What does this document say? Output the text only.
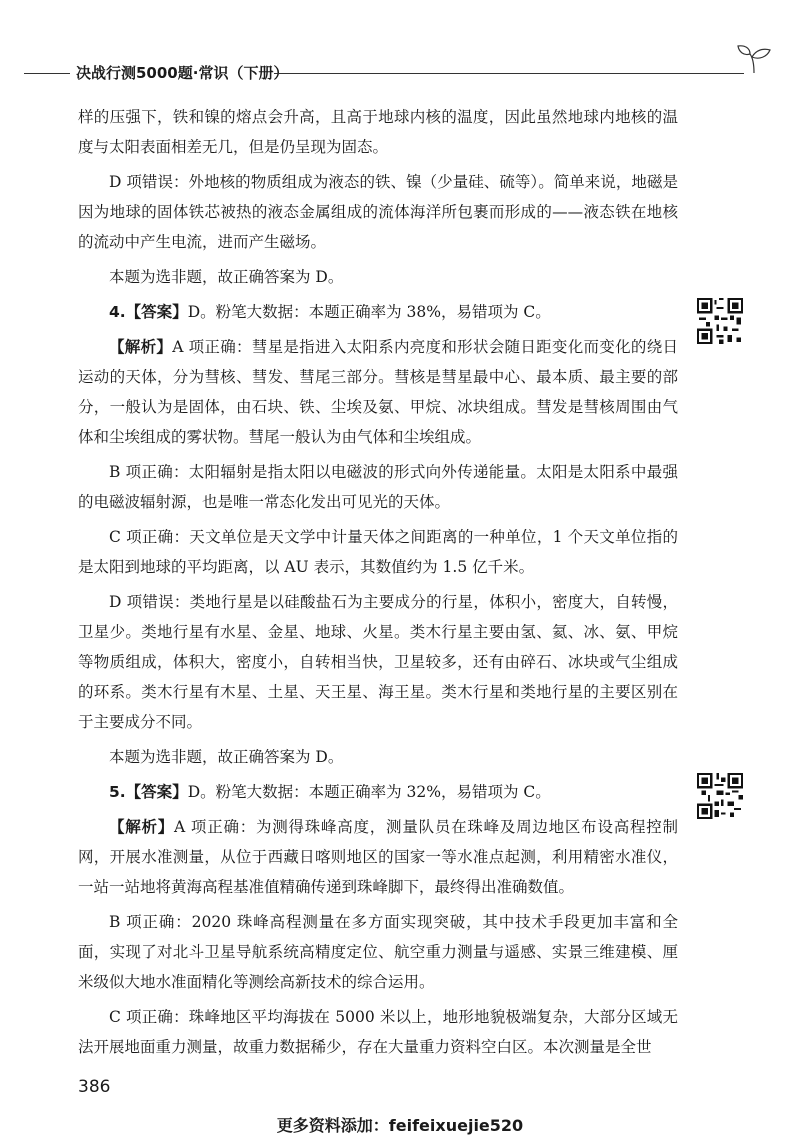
决战行测5000题·常识（下册）

样的压强下，铁和镍的熔点会升高，且高于地球内核的温度，因此虽然地球内地核的温度与太阳表面相差无几，但是仍呈现为固态。

D 项错误：外地核的物质组成为液态的铁、镍（少量硅、硫等）。简单来说，地磁是因为地球的固体铁芯被热的液态金属组成的流体海洋所包裹而形成的——液态铁在地核的流动中产生电流，进而产生磁场。

本题为选非题，故正确答案为 D。

4.【答案】D。粉笔大数据：本题正确率为 38%，易错项为 C。

【解析】A 项正确：彗星是指进入太阳系内亮度和形状会随日距变化而变化的绕日运动的天体，分为彗核、彗发、彗尾三部分。彗核是彗星最中心、最本质、最主要的部分，一般认为是固体，由石块、铁、尘埃及氨、甲烷、冰块组成。彗发是彗核周围由气体和尘埃组成的雾状物。彗尾一般认为由气体和尘埃组成。

B 项正确：太阳辐射是指太阳以电磁波的形式向外传递能量。太阳是太阳系中最强的电磁波辐射源，也是唯一常态化发出可见光的天体。

C 项正确：天文单位是天文学中计量天体之间距离的一种单位，1 个天文单位指的是太阳到地球的平均距离，以 AU 表示，其数值约为 1.5 亿千米。

D 项错误：类地行星是以硅酸盐石为主要成分的行星，体积小，密度大，自转慢，卫星少。类地行星有水星、金星、地球、火星。类木行星主要由氢、氦、冰、氨、甲烷等物质组成，体积大，密度小，自转相当快，卫星较多，还有由碎石、冰块或气尘组成的环系。类木行星有木星、土星、天王星、海王星。类木行星和类地行星的主要区别在于主要成分不同。

本题为选非题，故正确答案为 D。

5.【答案】D。粉笔大数据：本题正确率为 32%，易错项为 C。

【解析】A 项正确：为测得珠峰高度，测量队员在珠峰及周边地区布设高程控制网，开展水准测量，从位于西藏日喀则地区的国家一等水准点起测，利用精密水准仪，一站一站地将黄海高程基准值精确传递到珠峰脚下，最终得出准确数值。

B 项正确：2020 珠峰高程测量在多方面实现突破，其中技术手段更加丰富和全面，实现了对北斗卫星导航系统高精度定位、航空重力测量与遥感、实景三维建模、厘米级似大地水准面精化等测绘高新技术的综合运用。

C 项正确：珠峰地区平均海拔在 5000 米以上，地形地貌极端复杂，大部分区域无法开展地面重力测量，故重力数据稀少，存在大量重力资料空白区。本次测量是全世

386
更多资料添加：feifeixuejie520
